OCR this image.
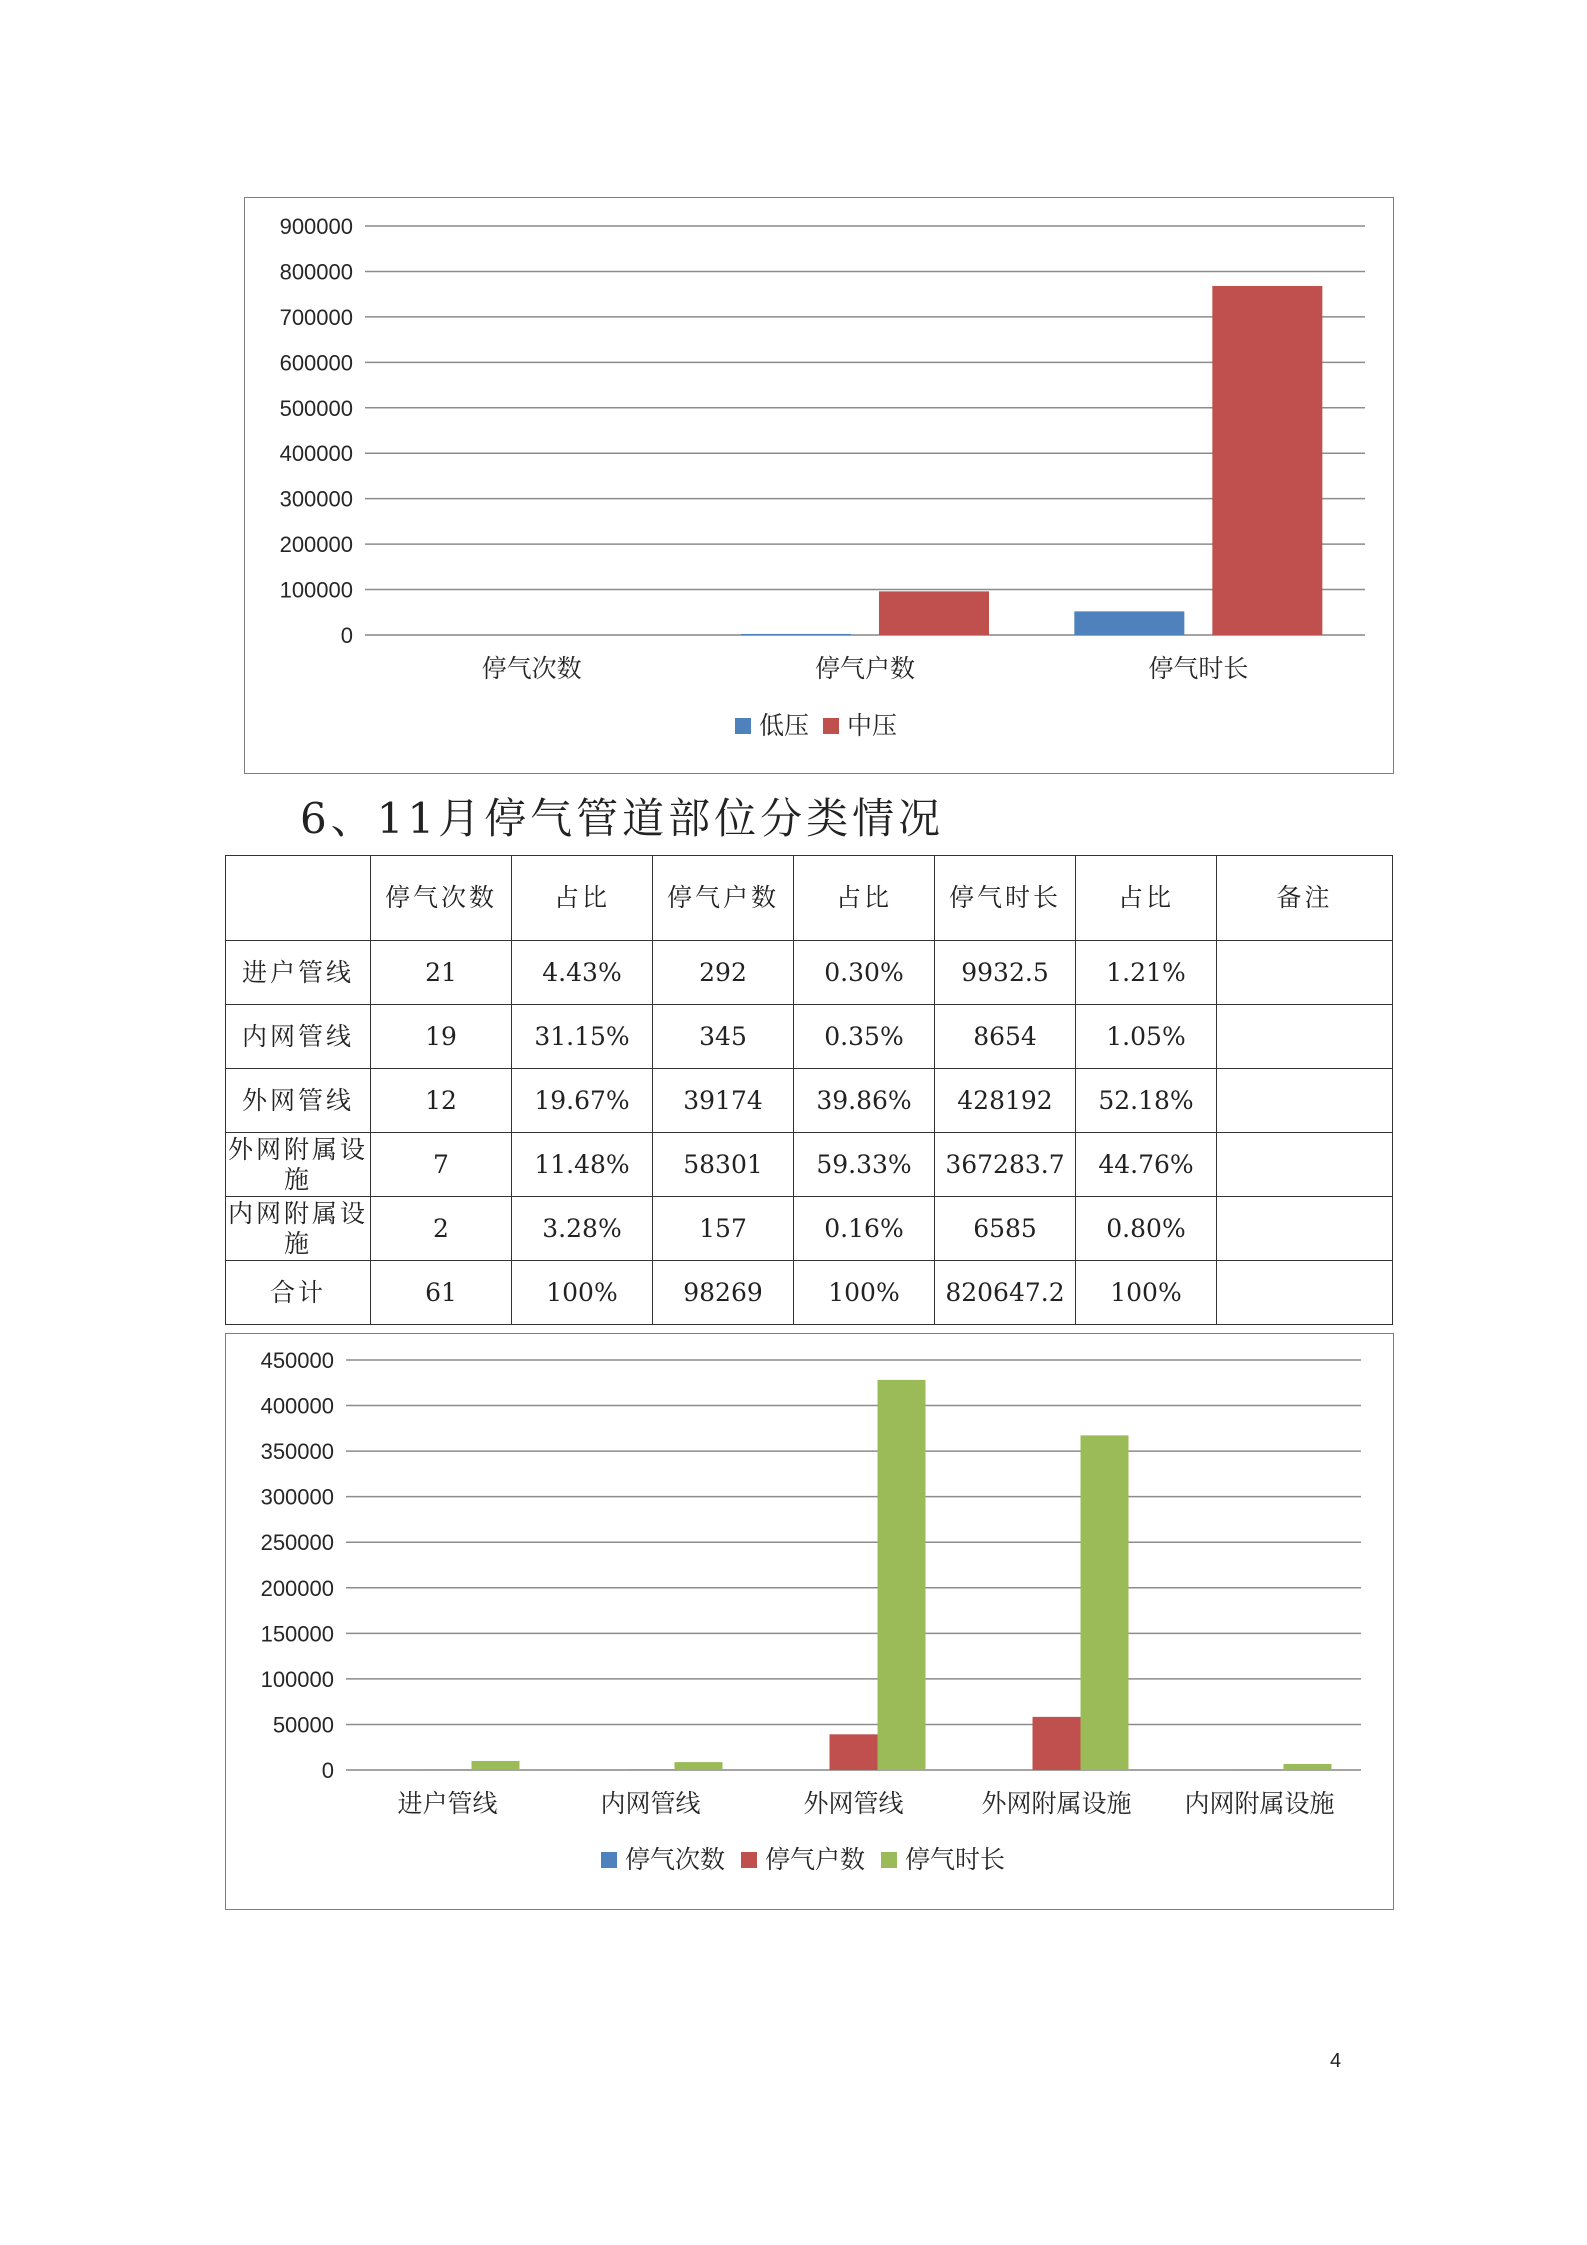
900000
800000
700000
600000
500000
400000
300000
200000
100000
0
停气次数	停气户数	停气时长
低压 中压
6、11月停气管道部位分类情况
	停气次数	占比	停气户数	占比	停气时长	占比	备注
进户管线	21	4.43%	292	0.30%	9932.5	1.21%	
内网管线	19	31.15%	345	0.35%	8654	1.05%	
外网管线	12	19.67%	39174	39.86%	428192	52.18%	
外网附属设施	7	11.48%	58301	59.33%	367283.7	44.76%	
内网附属设施	2	3.28%	157	0.16%	6585	0.80%	
合计	61	100%	98269	100%	820647.2	100%	
450000
400000
350000
300000
250000
200000
150000
100000
50000
0
进户管线	内网管线	外网管线	外网附属设施 内网附属设施
停气次数 停气户数 停气时长
4
